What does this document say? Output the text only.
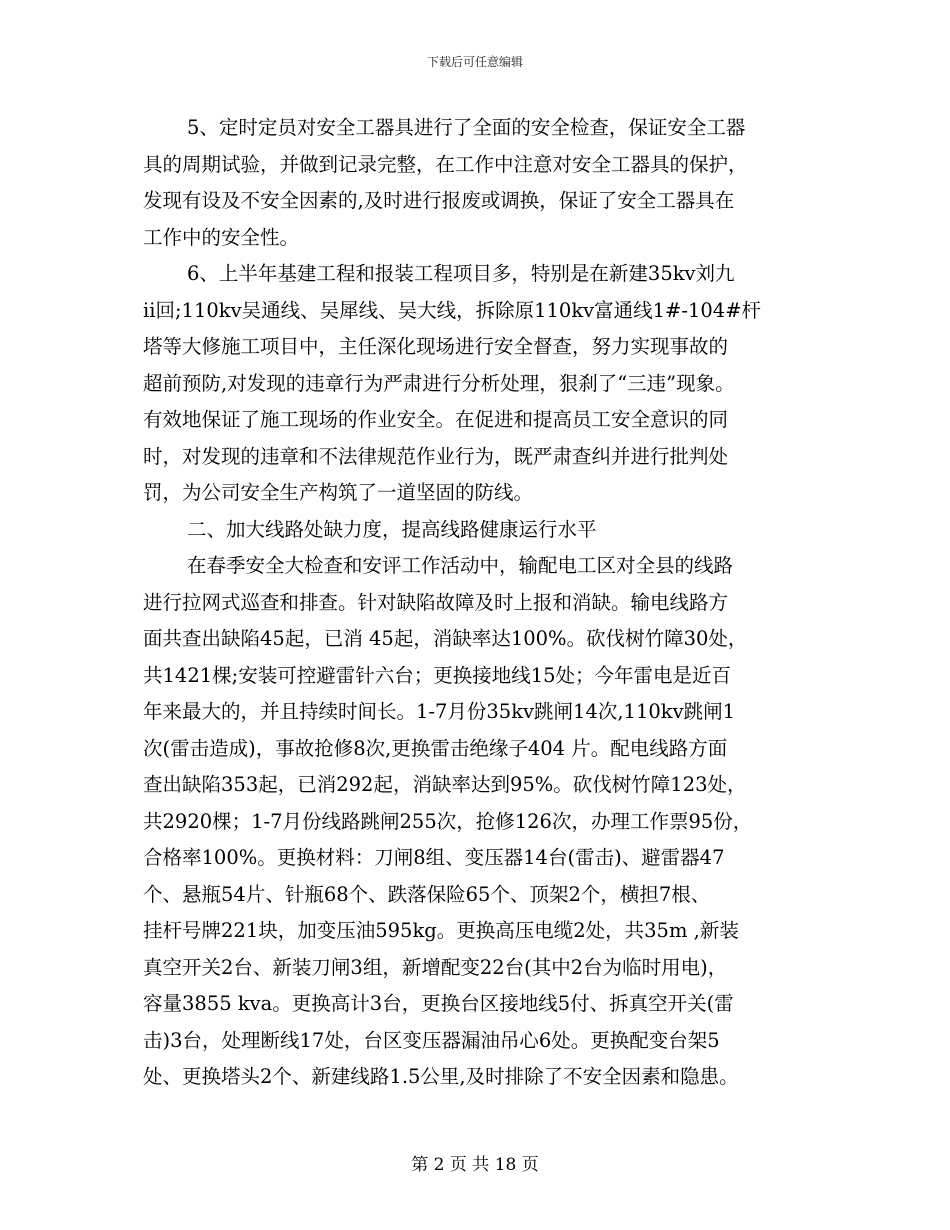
下载后可任意编辑
5、定时定员对安全工器具进行了全面的安全检查，保证安全工器
具的周期试验，并做到记录完整，在工作中注意对安全工器具的保护，
发现有设及不安全因素的,及时进行报废或调换，保证了安全工器具在
工作中的安全性。
6、上半年基建工程和报装工程项目多，特别是在新建35kv刘九
ⅱ回;110kv吴通线、吴犀线、吴大线，拆除原110kv富通线1#-104#杆
塔等大修施工项目中，主任深化现场进行安全督查，努力实现事故的
超前预防,对发现的违章行为严肃进行分析处理，狠刹了“三违”现象。
有效地保证了施工现场的作业安全。在促进和提高员工安全意识的同
时，对发现的违章和不法律规范作业行为，既严肃查纠并进行批判处
罚，为公司安全生产构筑了一道坚固的防线。
二、加大线路处缺力度，提高线路健康运行水平
在春季安全大检查和安评工作活动中，输配电工区对全县的线路
进行拉网式巡查和排查。针对缺陷故障及时上报和消缺。输电线路方
面共查出缺陷45起，已消 45起，消缺率达100%。砍伐树竹障30处，
共1421棵;安装可控避雷针六台；更换接地线15处；今年雷电是近百
年来最大的，并且持续时间长。1-7月份35kv跳闸14次,110kv跳闸1
次(雷击造成)，事故抢修8次,更换雷击绝缘子404 片。配电线路方面
查出缺陷353起，已消292起，消缺率达到95%。砍伐树竹障123处，
共2920棵；1-7月份线路跳闸255次，抢修126次，办理工作票95份，
合格率100%。更换材料：刀闸8组、变压器14台(雷击)、避雷器47
个、悬瓶54片、针瓶68个、跌落保险65个、顶架2个，横担7根、
挂杆号牌221块，加变压油595kg。更换高压电缆2处，共35m ,新装
真空开关2台、新装刀闸3组，新增配变22台(其中2台为临时用电)，
容量3855 kva。更换高计3台，更换台区接地线5付、拆真空开关(雷
击)3台，处理断线17处，台区变压器漏油吊心6处。更换配变台架5
处、更换塔头2个、新建线路1.5公里,及时排除了不安全因素和隐患。
第 2 页 共 18 页
